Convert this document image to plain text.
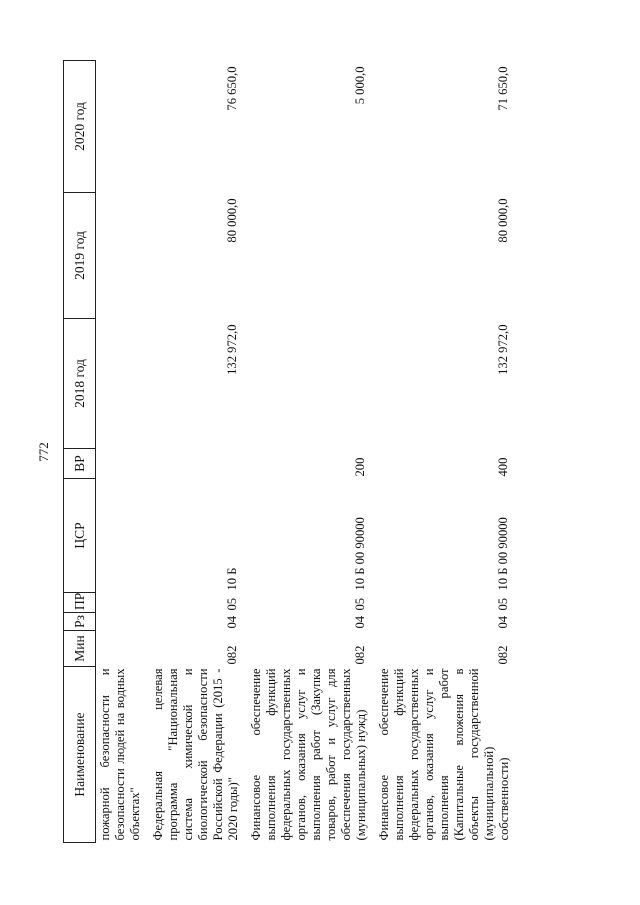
772
Наименование	Мин	Рз	ПР	ЦСР	ВР	2018 год	2019 год	2020 год
пожарной безопасности и безопасности людей на водных объектах"								

Федеральная целевая программа "Национальная система химической и биологической безопасности Российской Федерации (2015 - 2020 годы)"	082	04	05	10 Б		132 972,0	80 000,0	76 650,0

Финансовое обеспечение выполнения функций федеральных государственных органов, оказания услуг и выполнения работ (Закупка товаров, работ и услуг для обеспечения государственных (муниципальных) нужд)	082	04	05	10 Б 00 90000	200			5 000,0

Финансовое обеспечение выполнения функций федеральных государственных органов, оказания услуг и выполнения работ (Капитальные вложения в объекты государственной (муниципальной) собственности)	082	04	05	10 Б 00 90000	400	132 972,0	80 000,0	71 650,0
